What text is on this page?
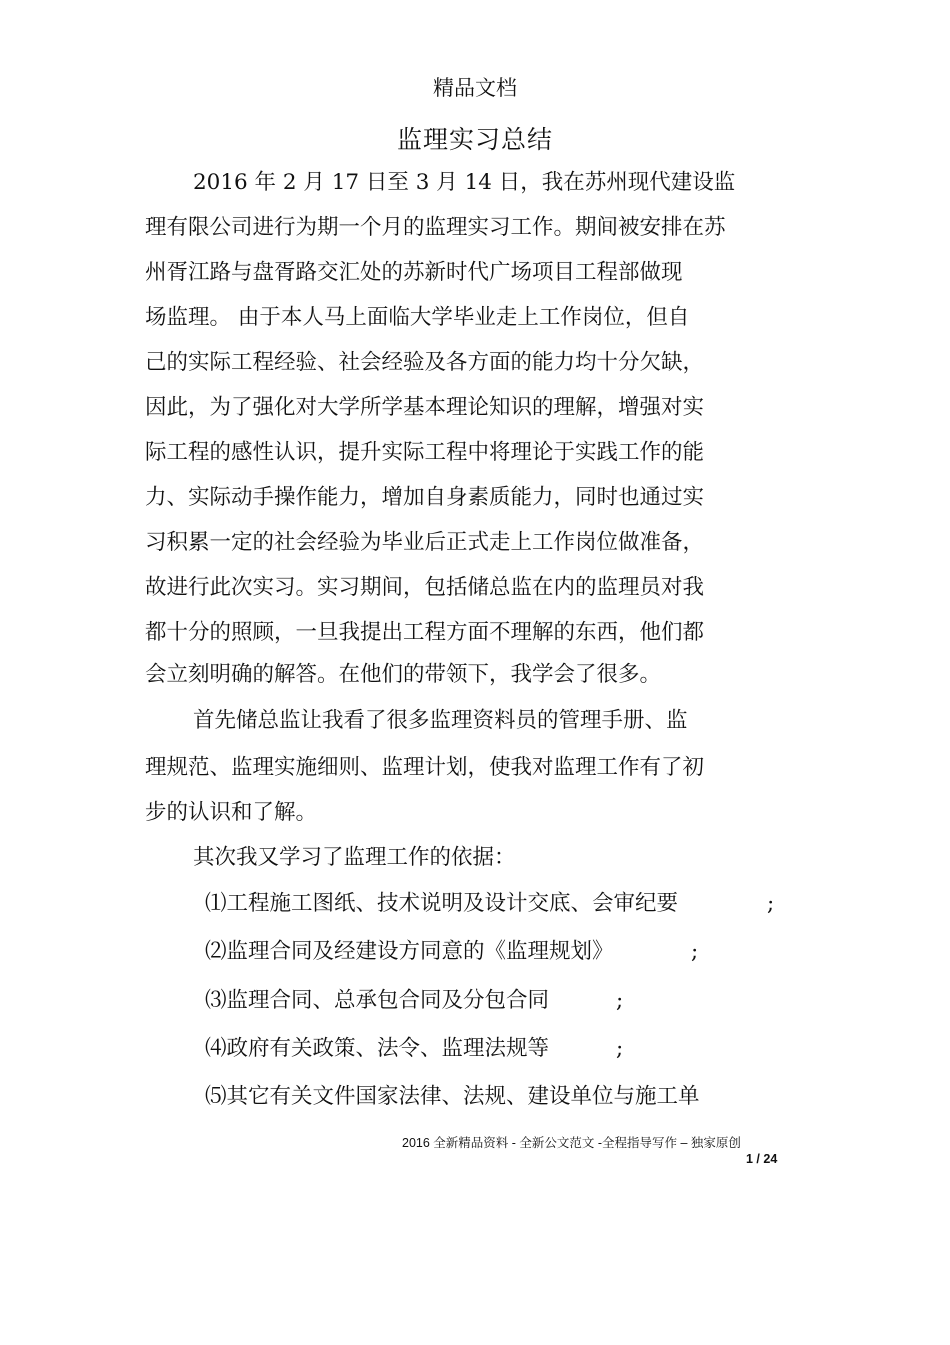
精品文档
监理实习总结
2016 年 2 月 17 日至 3 月 14 日，我在苏州现代建设监
理有限公司进行为期一个月的监理实习工作。期间被安排在苏
州胥江路与盘胥路交汇处的苏新时代广场项目工程部做现
场监理。 由于本人马上面临大学毕业走上工作岗位，但自
己的实际工程经验、社会经验及各方面的能力均十分欠缺，
因此，为了强化对大学所学基本理论知识的理解，增强对实
际工程的感性认识，提升实际工程中将理论于实践工作的能
力、实际动手操作能力，增加自身素质能力，同时也通过实
习积累一定的社会经验为毕业后正式走上工作岗位做准备，
故进行此次实习。实习期间，包括储总监在内的监理员对我
都十分的照顾，一旦我提出工程方面不理解的东西，他们都
会立刻明确的解答。在他们的带领下，我学会了很多。
首先储总监让我看了很多监理资料员的管理手册、监
理规范、监理实施细则、监理计划，使我对监理工作有了初
步的认识和了解。
其次我又学习了监理工作的依据：
⑴工程施工图纸、技术说明及设计交底、会审纪要	;
⑵监理合同及经建设方同意的《监理规划》	;
⑶监理合同、总承包合同及分包合同	;
⑷政府有关政策、法令、监理法规等	;
⑸其它有关文件国家法律、法规、建设单位与施工单
2016 全新精品资料 - 全新公文范文 -全程指导写作 – 独家原创
1 / 24
